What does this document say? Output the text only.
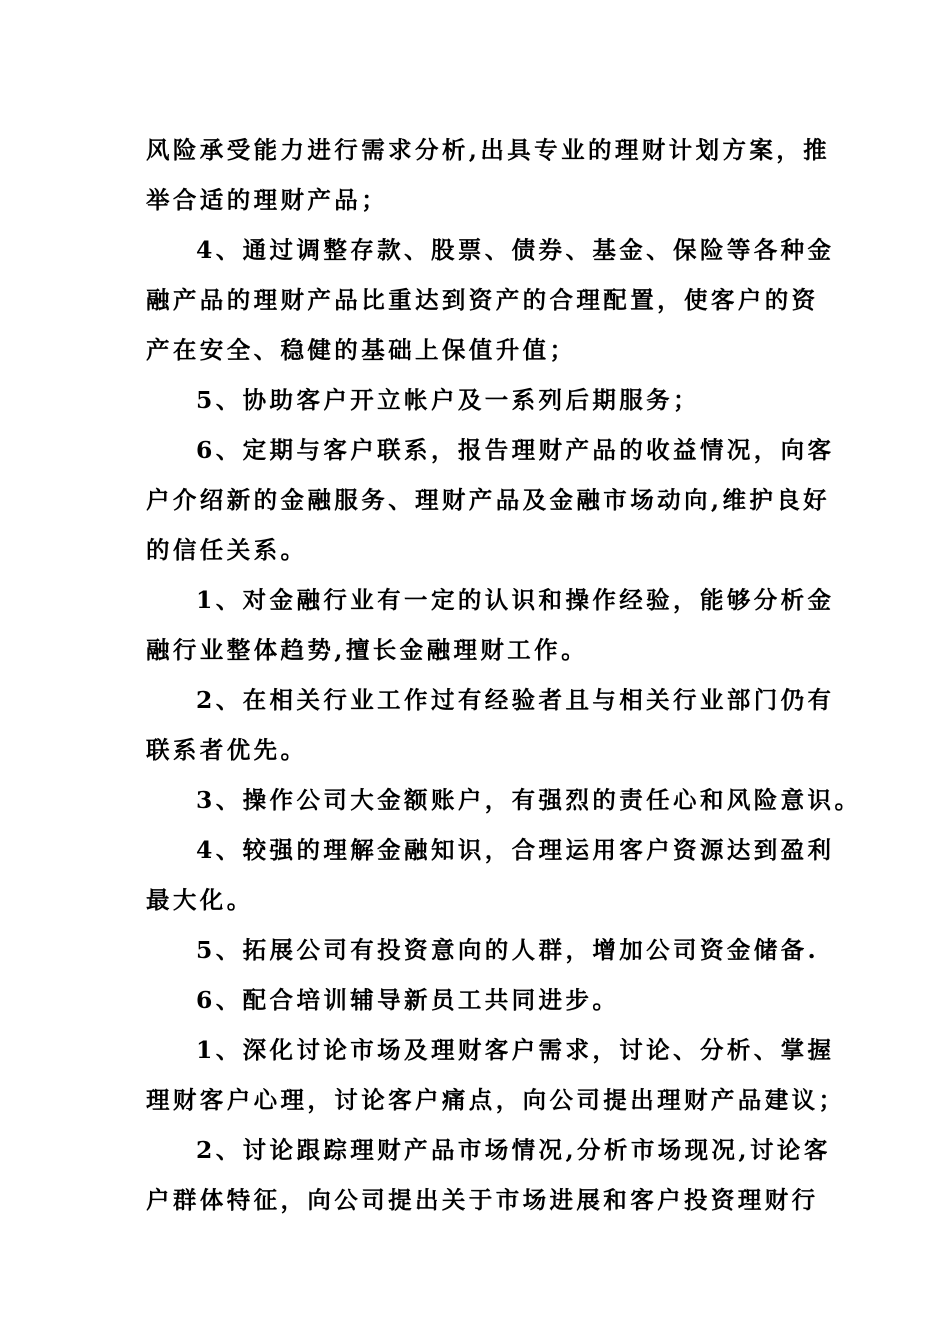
风险承受能力进行需求分析,出具专业的理财计划方案，推
举合适的理财产品；
4、通过调整存款、股票、债券、基金、保险等各种金
融产品的理财产品比重达到资产的合理配置，使客户的资
产在安全、稳健的基础上保值升值；
5、协助客户开立帐户及一系列后期服务；
6、定期与客户联系，报告理财产品的收益情况，向客
户介绍新的金融服务、理财产品及金融市场动向,维护良好
的信任关系。
1、对金融行业有一定的认识和操作经验，能够分析金
融行业整体趋势,擅长金融理财工作。
2、在相关行业工作过有经验者且与相关行业部门仍有
联系者优先。
3、操作公司大金额账户，有强烈的责任心和风险意识。
4、较强的理解金融知识，合理运用客户资源达到盈利
最大化。
5、拓展公司有投资意向的人群，增加公司资金储备.
6、配合培训辅导新员工共同进步。
1、深化讨论市场及理财客户需求，讨论、分析、掌握
理财客户心理，讨论客户痛点，向公司提出理财产品建议；
2、讨论跟踪理财产品市场情况,分析市场现况,讨论客
户群体特征，向公司提出关于市场进展和客户投资理财行
